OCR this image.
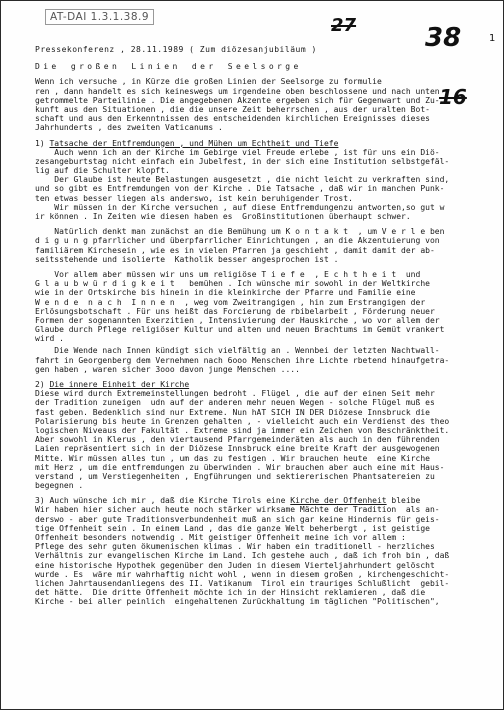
AT-DAI 1.3.1.38.9	27	38	1
16
Pressekonferenz , 28.11.1989 ( Zum diözesanjubiläum )
Die großen Linien der Seelsorge
Wenn ich versuche , in Kürze die großen Linien der Seelsorge zu formulie
ren , dann handelt es sich keineswegs um irgendeine oben beschlossene und nach unten
getrommelte Parteilinie . Die angegebenen Akzente ergeben sich für Gegenwart und Zu-
kunft aus den Situationen , die die unsere Zeit beherrschen , aus der uralten Bot-
schaft und aus den Erkenntnissen des entscheidenden kirchlichen Ereignisses dieses
Jahrhunderts , des zweiten Vaticanums .
1) Tatsache der Entfremdungen , und Mühen um Echtheit und Tiefe
Auch wenn ich an der Kirche im Gebirge viel Freude erlebe , ist für uns ein Diö-
zesangeburtstag nicht einfach ein Jubelfest, in der sich eine Institution selbstgefäl-
lig auf die Schulter klopft.
Der Glaube ist heute Belastungen ausgesetzt , die nicht leicht zu verkraften sind,
und so gibt es Entfremdungen von der Kirche . Die Tatsache , daß wir in manchen Punk-
ten etwas besser liegen als anderswo, ist kein beruhigender Trost.
Wir müssen in der Kirche versuchen , auf diese Entfremdungenzu antworten,so gut w
ir können . In Zeiten wie diesen haben es  Großinstitutionen überhaupt schwer.
Natürlich denkt man zunächst an die Bemühung um K o n t a k t  , um V e r l e ben
d i g u n g pfarrlicher und überpfarrlicher Einrichtungen , an die Akzentuierung von
familiärem Kirchesein , wie es in vielen Pfarren ja geschieht , damit damit der ab-
seitsstehende und isolierte  Katholik besser angesprochen ist .
Vor allem aber müssen wir uns um religiöse T i e f e  , E c h t h e i t  und
G l a u b w ü r d i g k e i t   bemühen . Ich wünsche mir sowohl in der Weltkirche
wie in der Ortskirche bis hinein in die kleinkirche der Pfarre und Familie eine
W e n d e  n a c h  I n n e n  , weg vom Zweitrangigen , hin zum Erstrangigen der
Erlösungsbotschaft . Für uns heißt das Forcierung de rbibelarbeit , Förderung neuer
Formen der sogenannten Exerzitien , Intensivierung der Hauskirche , wo vor allem der
Glaube durch Pflege religiöser Kultur und alten und neuen Brachtums im Gemüt vrankert
wird .
Die Wende nach Innen kündigt sich vielfältig an . Wennbei der letzten Nachtwall-
fahrt in Georgenberg dem Vernehmen nach 6ooo Menschen ihre Lichte rbetend hinaufgetra-
gen haben , waren sicher 3ooo davon junge Menschen ....
2) Die innere Einheit der Kirche
Diese wird durch Extremeinstellungen bedroht . Flügel , die auf der einen Seit mehr
der Tradition zuneigen  udn auf der anderen mehr neuen Wegen - solche Flügel muß es
fast geben. Bedenklich sind nur Extreme. Nun hAT SICH IN DER Diözese Innsbruck die
Polarisierung bis heute in Grenzen gehalten , - vielleicht auch ein Verdienst des theo
logischen Niveaus der Fakultät . Extreme sind ja immer ein Zeichen von Beschränktheit.
Aber sowohl in Klerus , den viertausend Pfarrgemeinderäten als auch in den führenden
Laien repräsentiert sich in der Diözese Innsbruck eine breite Kraft der ausgewogenen
Mitte. Wir müssen alles tun , um das zu festigen . Wir brauchen heute  eine Kirche
mit Herz , um die entfremdungen zu überwinden . Wir brauchen aber auch eine mit Haus-
verstand , um Verstiegenheiten , Engführungen und sektiererischen Phantsatereien zu
begegnen .
3) Auch wünsche ich mir , daß die Kirche Tirols eine Kirche der Offenheit bleibe
Wir haben hier sicher auch heute noch stärker wirksame Mächte der Tradition  als an-
derswo - aber gute Traditionsverbundenheit muß an sich gar keine Hindernis für geis-
tige Offenheit sein . In einem Land , das die ganze Welt beherbergt , ist geistige
Offenheit besonders notwendig . Mit geistiger Offenheit meine ich vor allem :
Pflege des sehr guten ökumenischen klimas . Wir haben ein traditionell - herzliches
Verhältnis zur evangelischen Kirche im Land. Ich gestehe auch , daß ich froh bin , daß
eine historische Hypothek gegenüber den Juden in diesem Vierteljahrhundert gelöscht
wurde . Es  wäre mir wahrhaftig nicht wohl , wenn in diesem großen , kirchengeschicht-
lichen Jahrtausendanliegens des II. Vatikanum  Tirol ein trauriges Schlußlicht  gebil-
det hätte.  Die dritte Offenheit möchte ich in der Hinsicht reklamieren , daß die
Kirche - bei aller peinlich  eingehaltenen Zurückhaltung im täglichen "Politischen",
